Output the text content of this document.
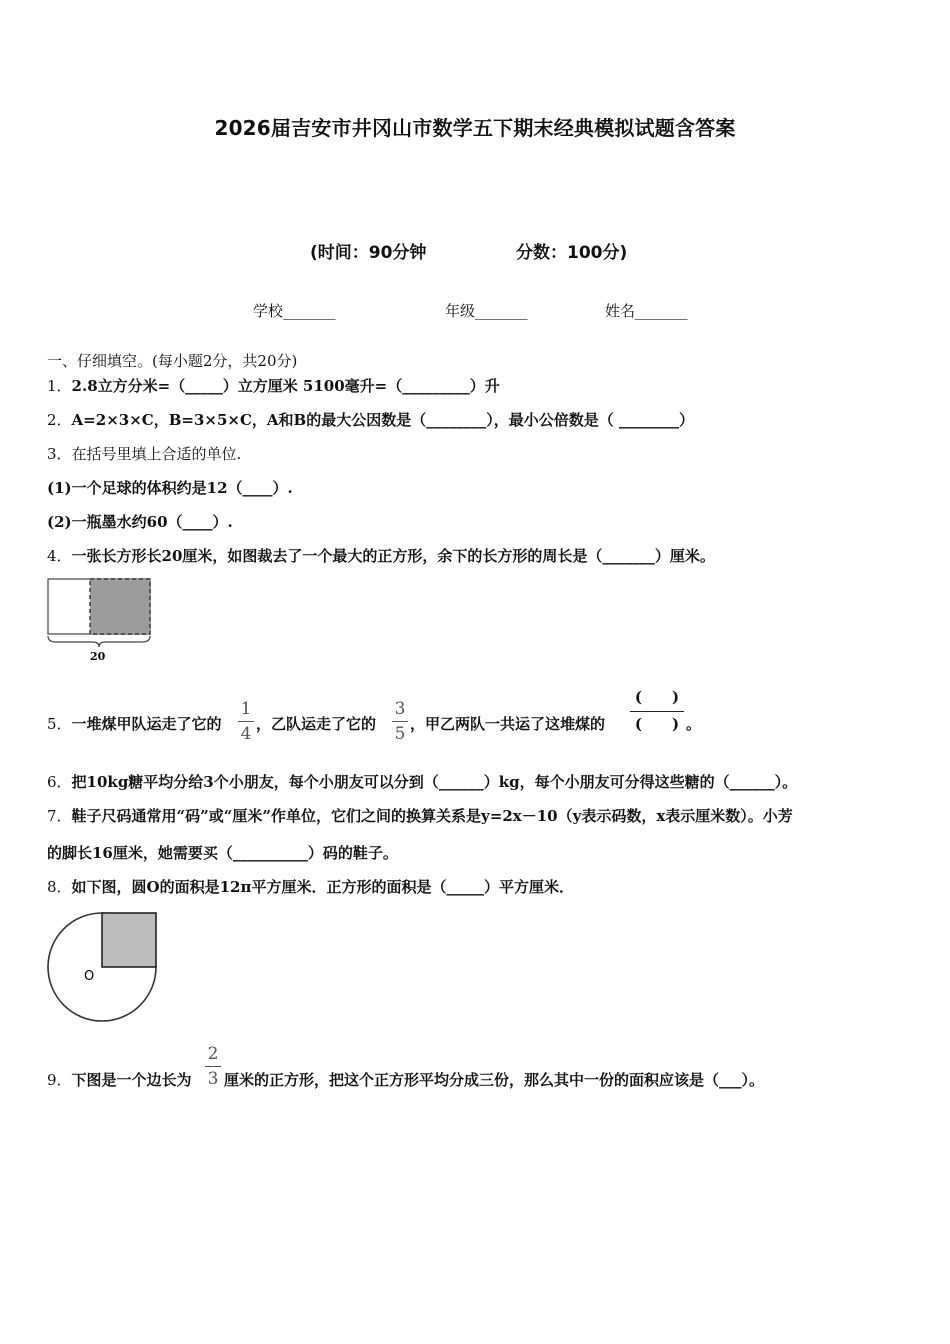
2026届吉安市井冈山市数学五下期末经典模拟试题含答案
(时间：90分钟	分数：100分)
学校_______	年级_______	姓名_______
一、仔细填空。(每小题2分，共20分)
1．2.8立方分米=（_____）立方厘米 5100毫升=（_________）升
2．A=2×3×C，B=3×5×C，A和B的最大公因数是（________），最小公倍数是（ ________）
3．在括号里填上合适的单位.
(1)一个足球的体积约是12（____）.
(2)一瓶墨水约60（____）.
4．一张长方形长20厘米，如图裁去了一个最大的正方形，余下的长方形的周长是（_______）厘米。
20
5．一堆煤甲队运走了它的
1
4 ，乙队运走了它的
3
5 ，甲乙两队一共运了这堆煤的
(　　)
(　　) 。
6．把10kg糖平均分给3个小朋友，每个小朋友可以分到（______）kg，每个小朋友可分得这些糖的（______）。
7．鞋子尺码通常用“码”或“厘米”作单位，它们之间的换算关系是y=2x－10（y表示码数，x表示厘米数）。小芳
的脚长16厘米，她需要买（__________）码的鞋子。
8．如下图，圆O的面积是12π平方厘米．正方形的面积是（_____）平方厘米．
O
9．下图是一个边长为
2
3 厘米的正方形，把这个正方形平均分成三份，那么其中一份的面积应该是（___）。
